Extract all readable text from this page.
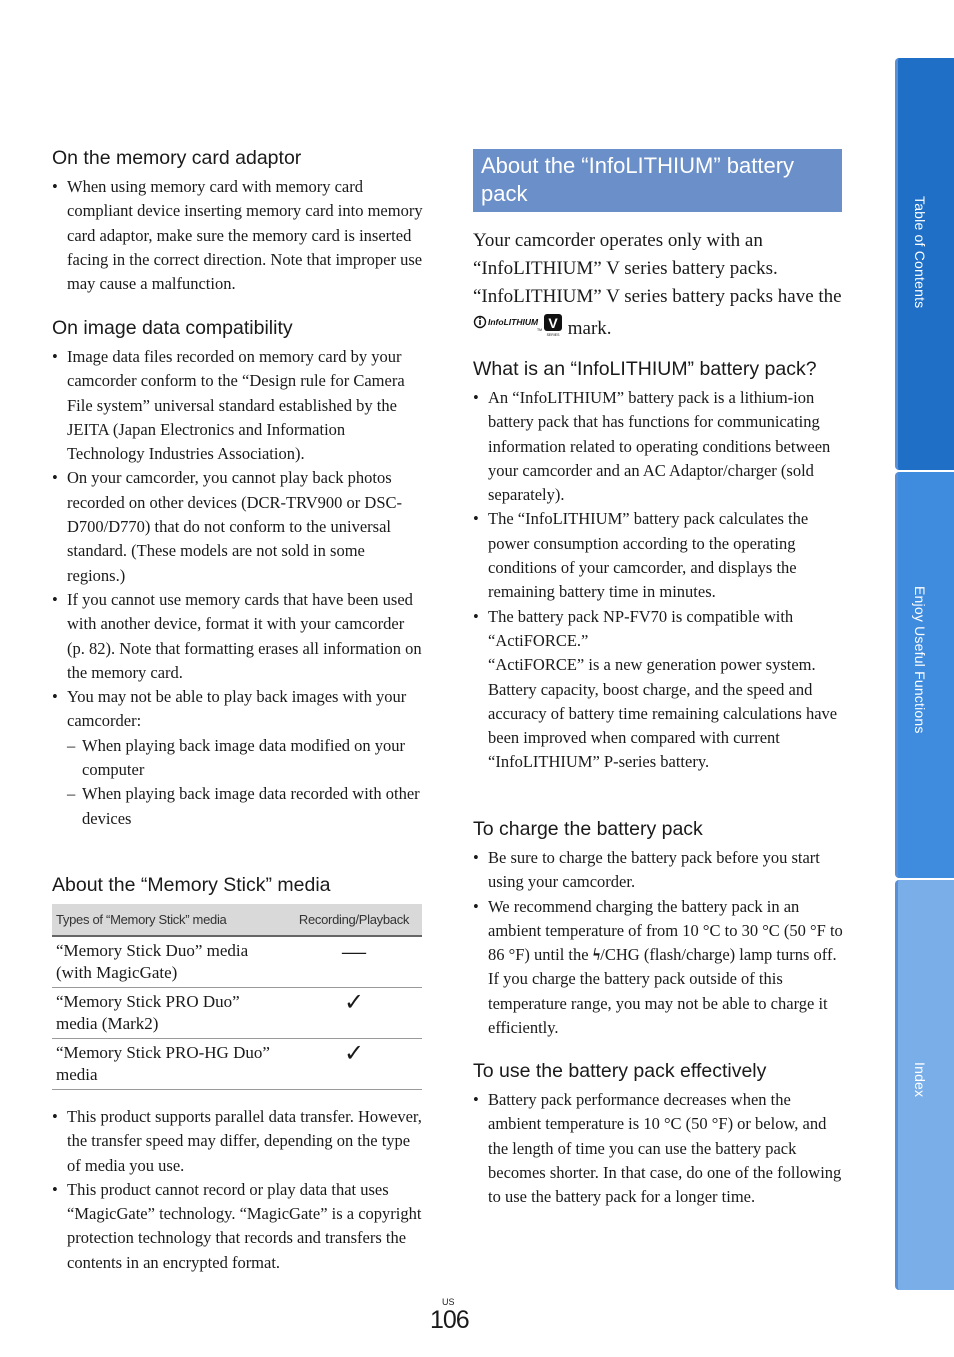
On the memory card adaptor
• When using memory card with memory card compliant device inserting memory card into memory card adaptor, make sure the memory card is inserted facing in the correct direction. Note that improper use may cause a malfunction.
On image data compatibility
• Image data files recorded on memory card by your camcorder conform to the “Design rule for Camera File system” universal standard established by the JEITA (Japan Electronics and Information Technology Industries Association).
• On your camcorder, you cannot play back photos recorded on other devices (DCR-TRV900 or DSC-D700/D770) that do not conform to the universal standard. (These models are not sold in some regions.)
• If you cannot use memory cards that have been used with another device, format it with your camcorder (p. 82). Note that formatting erases all information on the memory card.
• You may not be able to play back images with your camcorder:
– When playing back image data modified on your computer
– When playing back image data recorded with other devices
About the “Memory Stick” media
Types of “Memory Stick” media	Recording/Playback
“Memory Stick Duo” media (with MagicGate)	—
“Memory Stick PRO Duo” media (Mark2)	✓
“Memory Stick PRO-HG Duo” media	✓
• This product supports parallel data transfer. However, the transfer speed may differ, depending on the type of media you use.
• This product cannot record or play data that uses “MagicGate” technology. “MagicGate” is a copyright protection technology that records and transfers the contents in an encrypted format.
About the “InfoLITHIUM” battery pack
Your camcorder operates only with an “InfoLITHIUM” V series battery packs. “InfoLITHIUM” V series battery packs have the
InfoLITHIUM
TM V
SERIES mark.
What is an “InfoLITHIUM” battery pack?
• An “InfoLITHIUM” battery pack is a lithium-ion battery pack that has functions for communicating information related to operating conditions between your camcorder and an AC Adaptor/charger (sold separately).
• The “InfoLITHIUM” battery pack calculates the power consumption according to the operating conditions of your camcorder, and displays the remaining battery time in minutes.
• The battery pack NP-FV70 is compatible with “ActiFORCE.”
“ActiFORCE” is a new generation power system. Battery capacity, boost charge, and the speed and accuracy of battery time remaining calculations have been improved when compared with current “InfoLITHIUM” P-series battery.
To charge the battery pack
• Be sure to charge the battery pack before you start using your camcorder.
• We recommend charging the battery pack in an ambient temperature of from 10 °C to 30 °C (50 °F to 86 °F) until the ϟ/CHG (flash/charge) lamp turns off. If you charge the battery pack outside of this temperature range, you may not be able to charge it efficiently.
To use the battery pack effectively
• Battery pack performance decreases when the ambient temperature is 10 °C (50 °F) or below, and the length of time you can use the battery pack becomes shorter. In that case, do one of the following to use the battery pack for a longer time.
Table of Contents
Enjoy Useful Functions
Index
US
106
